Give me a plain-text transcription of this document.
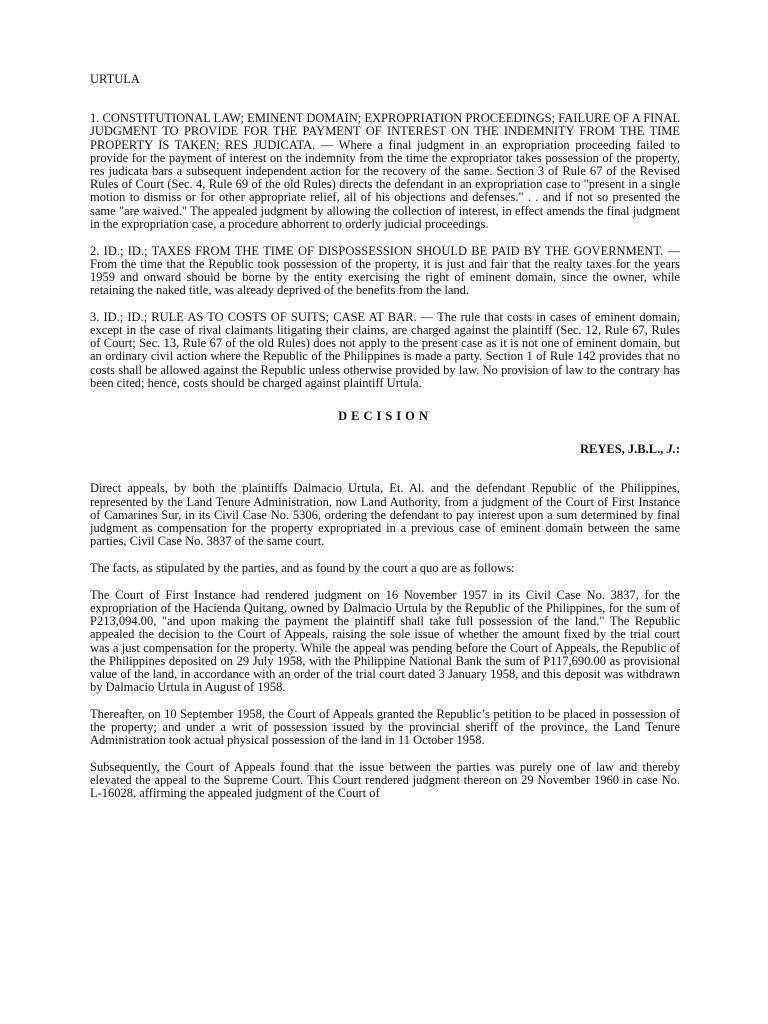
URTULA

1. CONSTITUTIONAL LAW; EMINENT DOMAIN; EXPROPRIATION PROCEEDINGS; FAILURE OF A FINAL JUDGMENT TO PROVIDE FOR THE PAYMENT OF INTEREST ON THE INDEMNITY FROM THE TIME PROPERTY IS TAKEN; RES JUDICATA. — Where a final judgment in an expropriation proceeding failed to provide for the payment of interest on the indemnity from the time the expropriator takes possession of the property, res judicata bars a subsequent independent action for the recovery of the same. Section 3 of Rule 67 of the Revised Rules of Court (Sec. 4, Rule 69 of the old Rules) directs the defendant in an expropriation case to "present in a single motion to dismiss or for other appropriate relief, all of his objections and defenses." . . and if not so presented the same "are waived." The appealed judgment by allowing the collection of interest, in effect amends the final judgment in the expropriation case, a procedure abhorrent to orderly judicial proceedings.

2. ID.; ID.; TAXES FROM THE TIME OF DISPOSSESSION SHOULD BE PAID BY THE GOVERNMENT. — From the time that the Republic took possession of the property, it is just and fair that the realty taxes for the years 1959 and onward should be borne by the entity exercising the right of eminent domain, since the owner, while retaining the naked title, was already deprived of the benefits from the land.

3. ID.; ID.; RULE AS TO COSTS OF SUITS; CASE AT BAR. — The rule that costs in cases of eminent domain, except in the case of rival claimants litigating their claims, are charged against the plaintiff (Sec. 12, Rule 67, Rules of Court; Sec. 13, Rule 67 of the old Rules) does not apply to the present case as it is not one of eminent domain, but an ordinary civil action where the Republic of the Philippines is made a party. Section 1 of Rule 142 provides that no costs shall be allowed against the Republic unless otherwise provided by law. No provision of law to the contrary has been cited; hence, costs should be charged against plaintiff Urtula.

DECISION
REYES, J.B.L., J.:

Direct appeals, by both the plaintiffs Dalmacio Urtula, Et. Al. and the defendant Republic of the Philippines, represented by the Land Tenure Administration, now Land Authority, from a judgment of the Court of First Instance of Camarines Sur, in its Civil Case No. 5306, ordering the defendant to pay interest upon a sum determined by final judgment as compensation for the property expropriated in a previous case of eminent domain between the same parties, Civil Case No. 3837 of the same court.

The facts, as stipulated by the parties, and as found by the court a quo are as follows:

The Court of First Instance had rendered judgment on 16 November 1957 in its Civil Case No. 3837, for the expropriation of the Hacienda Quitang, owned by Dalmacio Urtula by the Republic of the Philippines, for the sum of P213,094.00, "and upon making the payment the plaintiff shall take full possession of the land." The Republic appealed the decision to the Court of Appeals, raising the sole issue of whether the amount fixed by the trial court was a just compensation for the property. While the appeal was pending before the Court of Appeals, the Republic of the Philippines deposited on 29 July 1958, with the Philippine National Bank the sum of P117,690.00 as provisional value of the land, in accordance with an order of the trial court dated 3 January 1958, and this deposit was withdrawn by Dalmacio Urtula in August of 1958.

Thereafter, on 10 September 1958, the Court of Appeals granted the Republic’s petition to be placed in possession of the property; and under a writ of possession issued by the provincial sheriff of the province, the Land Tenure Administration took actual physical possession of the land in 11 October 1958.

Subsequently, the Court of Appeals found that the issue between the parties was purely one of law and thereby elevated the appeal to the Supreme Court. This Court rendered judgment thereon on 29 November 1960 in case No. L-16028, affirming the appealed judgment of the Court of
